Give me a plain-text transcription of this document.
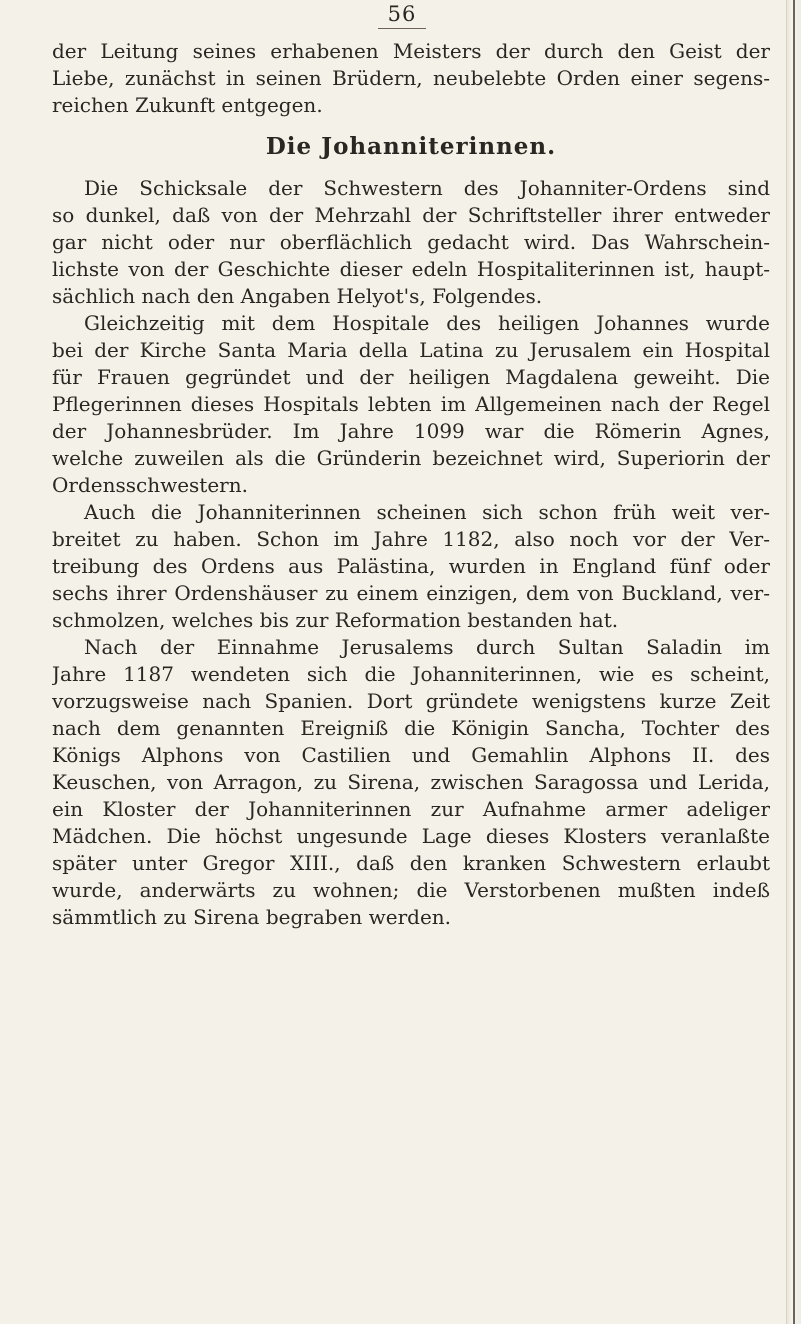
56
der Leitung seines erhabenen Meisters der durch den Geist der
Liebe, zunächst in seinen Brüdern, neubelebte Orden einer segens-
reichen Zukunft entgegen.
Die Johanniterinnen.
Die Schicksale der Schwestern des Johanniter-Ordens sind
so dunkel, daß von der Mehrzahl der Schriftsteller ihrer entweder
gar nicht oder nur oberflächlich gedacht wird. Das Wahrschein-
lichste von der Geschichte dieser edeln Hospitaliterinnen ist, haupt-
sächlich nach den Angaben Helyot's, Folgendes.
Gleichzeitig mit dem Hospitale des heiligen Johannes wurde
bei der Kirche Santa Maria della Latina zu Jerusalem ein Hospital
für Frauen gegründet und der heiligen Magdalena geweiht. Die
Pflegerinnen dieses Hospitals lebten im Allgemeinen nach der Regel
der Johannesbrüder. Im Jahre 1099 war die Römerin Agnes,
welche zuweilen als die Gründerin bezeichnet wird, Superiorin der
Ordensschwestern.
Auch die Johanniterinnen scheinen sich schon früh weit ver-
breitet zu haben. Schon im Jahre 1182, also noch vor der Ver-
treibung des Ordens aus Palästina, wurden in England fünf oder
sechs ihrer Ordenshäuser zu einem einzigen, dem von Buckland, ver-
schmolzen, welches bis zur Reformation bestanden hat.
Nach der Einnahme Jerusalems durch Sultan Saladin im
Jahre 1187 wendeten sich die Johanniterinnen, wie es scheint,
vorzugsweise nach Spanien. Dort gründete wenigstens kurze Zeit
nach dem genannten Ereigniß die Königin Sancha, Tochter des
Königs Alphons von Castilien und Gemahlin Alphons II. des
Keuschen, von Arragon, zu Sirena, zwischen Saragossa und Lerida,
ein Kloster der Johanniterinnen zur Aufnahme armer adeliger
Mädchen. Die höchst ungesunde Lage dieses Klosters veranlaßte
später unter Gregor XIII., daß den kranken Schwestern erlaubt
wurde, anderwärts zu wohnen; die Verstorbenen mußten indeß
sämmtlich zu Sirena begraben werden.
